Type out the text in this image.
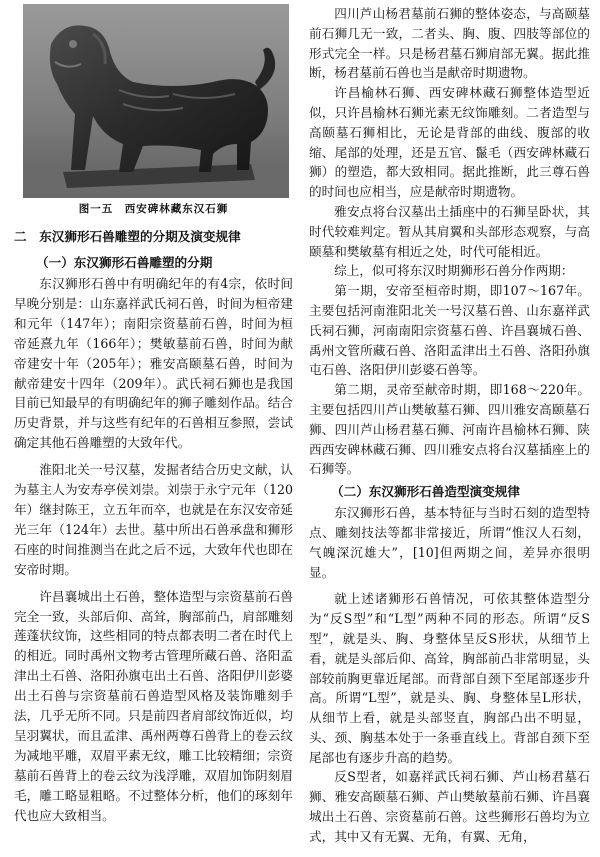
图一五　西安碑林藏东汉石狮
二　东汉狮形石兽雕塑的分期及演变规律
（一）东汉狮形石兽雕塑的分期

东汉狮形石兽中有明确纪年的有4宗，依时间早晚分别是：山东嘉祥武氏祠石兽，时间为桓帝建和元年（147年）；南阳宗资墓前石兽，时间为桓帝延熹九年（166年）；樊敏墓前石兽，时间为献帝建安十年（205年）；雅安高颐墓石兽，时间为献帝建安十四年（209年）。武氏祠石狮也是我国目前已知最早的有明确纪年的狮子雕刻作品。结合历史背景，并与这些有纪年的石兽相互参照，尝试确定其他石兽雕塑的大致年代。

淮阳北关一号汉墓，发掘者结合历史文献，认为墓主人为安寿亭侯刘崇。刘崇于永宁元年（120年）继封陈王，立五年而卒，也就是在东汉安帝延光三年（124年）去世。墓中所出石兽承盘和狮形石座的时间推测当在此之后不远，大致年代也即在安帝时期。

许昌襄城出土石兽，整体造型与宗资墓前石兽完全一致，头部后仰、高耸，胸部前凸，肩部雕刻莲蓬状纹饰，这些相同的特点都表明二者在时代上的相近。同时禹州文物考古管理所藏石兽、洛阳孟津出土石兽、洛阳孙旗屯出土石兽、洛阳伊川彭婆出土石兽与宗资墓前石兽造型风格及装饰雕刻手法，几乎无所不同。只是前四者肩部纹饰近似，均呈羽翼状，而且孟津、禹州两尊石兽背上的卷云纹为减地平雕，双眉平素无纹，雕工比较精细；宗资墓前石兽背上的卷云纹为浅浮雕，双眉加饰阴刻眉毛，雕工略显粗略。不过整体分析，他们的琢刻年代也应大致相当。

四川芦山杨君墓前石狮的整体姿态，与高颐墓前石狮几无一致，二者头、胸、腹、四肢等部位的形式完全一样。只是杨君墓石狮肩部无翼。据此推断，杨君墓前石兽也当是献帝时期遗物。

许昌榆林石狮、西安碑林藏石狮整体造型近似，只许昌榆林石狮光素无纹饰雕刻。二者造型与高颐墓石狮相比，无论是背部的曲线、腹部的收缩、尾部的处理，还是五官、鬣毛（西安碑林藏石狮）的塑造，都大致相同。据此推断，此三尊石兽的时间也应相当，应是献帝时期遗物。

雅安点将台汉墓出土插座中的石狮呈卧状，其时代较难判定。暂从其肩翼和头部形态观察，与高颐墓和樊敏墓有相近之处，时代可能相近。

综上，似可将东汉时期狮形石兽分作两期：

第一期，安帝至桓帝时期，即107～167年。主要包括河南淮阳北关一号汉墓石兽、山东嘉祥武氏祠石狮，河南南阳宗资墓石兽、许昌襄城石兽、禹州文管所藏石兽、洛阳孟津出土石兽、洛阳孙旗屯石兽、洛阳伊川彭婆石兽等。

第二期，灵帝至献帝时期，即168～220年。主要包括四川芦山樊敏墓石狮、四川雅安高颐墓石狮、四川芦山杨君墓石狮、河南许昌榆林石狮、陕西西安碑林藏石狮、四川雅安点将台汉墓插座上的石狮等。

（二）东汉狮形石兽造型演变规律

东汉狮形石兽，基本特征与当时石刻的造型特点、雕刻技法等都非常接近，所谓“惟汉人石刻，气魄深沉雄大”，[10]但两期之间，差异亦很明显。

就上述诸狮形石兽情况，可依其整体造型分为“反S型”和“L型”两种不同的形态。所谓“反S型”，就是头、胸、身整体呈反S形状，从细节上看，就是头部后仰、高耸，胸部前凸非常明显，头部较前胸更靠近尾部。而背部自颈下至尾部逐步升高。所谓“L型”，就是头、胸、身整体呈L形状，从细节上看，就是头部竖直，胸部凸出不明显，头、颈、胸基本处于一条垂直线上。背部自颈下至尾部也有逐步升高的趋势。

反S型者，如嘉祥武氏祠石狮、芦山杨君墓石狮、雅安高颐墓石狮、芦山樊敏墓前石狮、许昌襄城出土石兽、宗资墓前石兽。这些狮形石兽均为立式，其中又有无翼、无角，有翼、无角，
